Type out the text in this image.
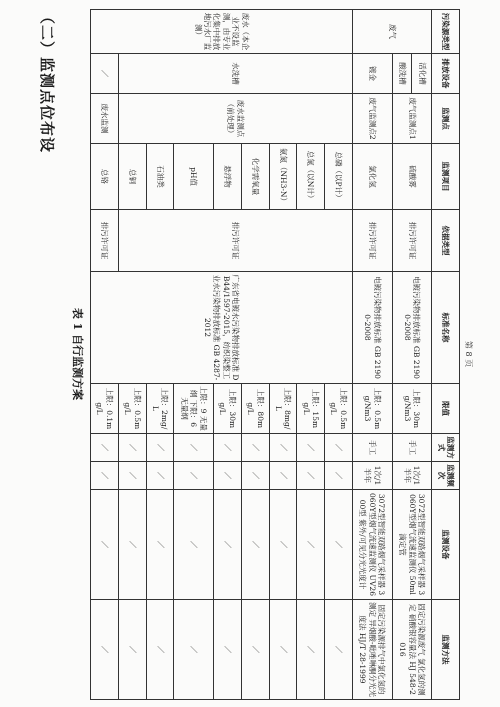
第 8 页
污染源类型	排放设备	监测点	监测项目	依据类型	标准名称	限值	监测方式	监测频次	监测设备	监测方法
废气	活化槽	废气监测点1	硫酸雾	排污许可证	电镀污染物排放标准 GB 21900-2008	上限：30mg/Nm3	手工	1次/1半年	3072型智能双路烟气采样器 3060Y型烟气流速监测仪 50ml滴定管	固定污染源废气 氯化氢的测定 硝酸银容量法 HJ 548-2016
	酸洗槽									
	镀金	废气监测点2	氯化氢	排污许可证	电镀污染物排放标准 GB 21900-2008	上限：0.5mg/Nm3	手工	1次/1半年	3072型智能双路烟气采样器 3060Y型烟气流速监测仪 UV2600型 紫外/可见分光光度计	固定污染源排气中氯化氢的测定 异烟酸-吡唑啉酮分光光度法 HJ/T 28-1999
废水（本企业不设监测，由专业化集中排放地污水厂监测）	水洗槽	废水监测点（前处理）	总磷（以P计）	排污许可证	广东省电镀水污染物排放标准 DB44/1597-2015，纺织染整工业水污染物排放标准 GB 4287-2012	上限：0.5mg/L	／	／	／	／
			总氮（以N计）			上限：15mg/L	／	／	／	／
			氨氮（NH3-N）			上限：8mg/L	／	／	／	／
			化学需氧量			上限：80mg/L	／	／	／	／
			悬浮物			上限：30mg/L	／	／	／	／
			pH值			上限：9 无量纲 下限：6 无量纲	／	／	／	／
			石油类			上限：2mg/L	／	／	／	／
			总铜			上限：0.5mg/L	／	／	／	／
	／	废水监测	总铬	排污许可证		上限：0.1mg/L	／	／	／	／
表 1 自行监测方案
（二）监测点位布设
